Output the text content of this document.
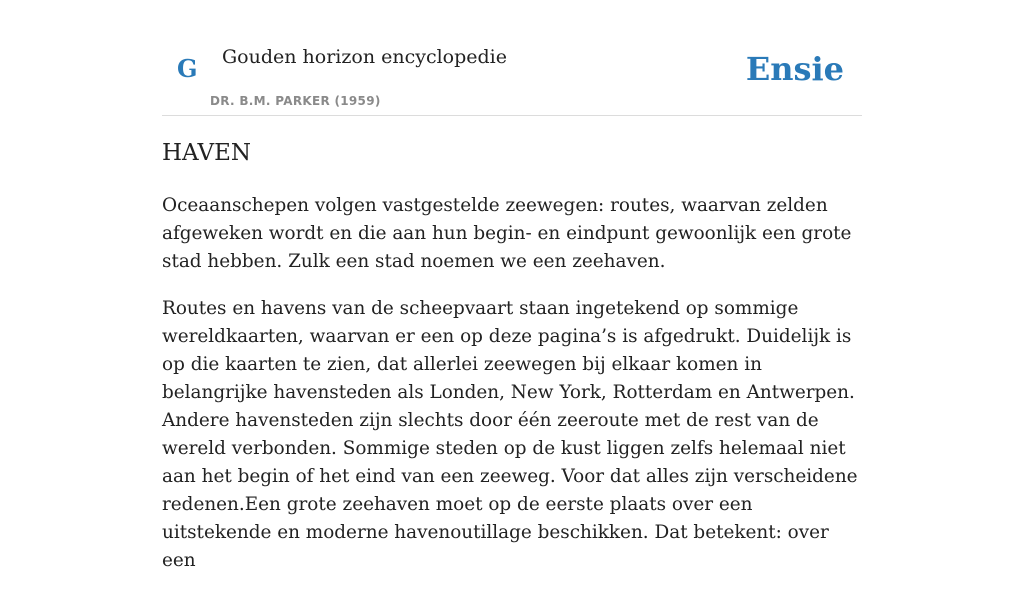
G Gouden horizon encyclopedie
DR. B.M. PARKER (1959)
Ensie
HAVEN

Oceaanschepen volgen vastgestelde zeewegen: routes, waarvan zelden afgeweken wordt en die aan hun begin- en eindpunt gewoonlijk een grote stad hebben. Zulk een stad noemen we een zeehaven.

Routes en havens van de scheepvaart staan ingetekend op sommige wereldkaarten, waarvan er een op deze pagina’s is afgedrukt. Duidelijk is op die kaarten te zien, dat allerlei zeewegen bij elkaar komen in belangrijke havensteden als Londen, New York, Rotterdam en Antwerpen. Andere havensteden zijn slechts door één zeeroute met de rest van de wereld verbonden. Sommige steden op de kust liggen zelfs helemaal niet aan het begin of het eind van een zeeweg. Voor dat alles zijn verscheidene redenen.Een grote zeehaven moet op de eerste plaats over een uitstekende en moderne havenoutillage beschikken. Dat betekent: over een
